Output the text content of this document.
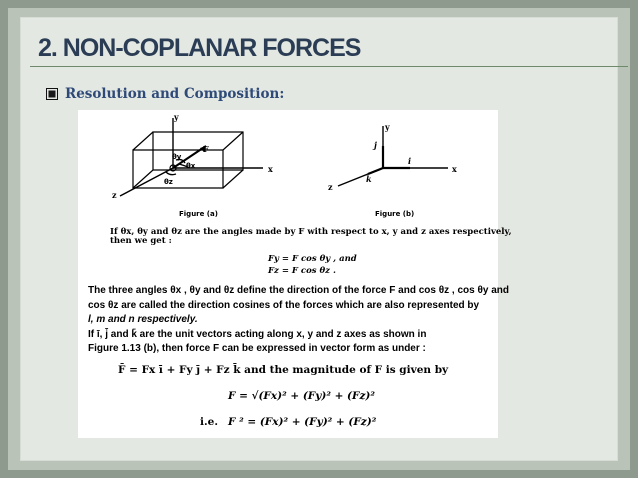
2. NON-COPLANAR FORCES
Resolution and Composition:
y
x
z
F
θy
θx
θz
y
x
z
j
i
k
Figure (a)	Figure (b)
If θx, θy and θz are the angles made by F with respect to x, y and z axes respectively,
then we get :
Fy = F cos θy , and
Fz = F cos θz .
The three angles θx , θy and θz define the direction of the force F and cos θz , cos θy and
cos θz are called the direction cosines of the forces which are also represented by
l, m and n respectively.
If ī, j̄ and k̄ are the unit vectors acting along x, y and z axes as shown in
Figure 1.13 (b), then force F can be expressed in vector form as under :
F̄ = Fx ī + Fy j̄ + Fz k̄ and the magnitude of F is given by
F = √(Fx)² + (Fy)² + (Fz)²
i.e. F ² = (Fx)² + (Fy)² + (Fz)²
